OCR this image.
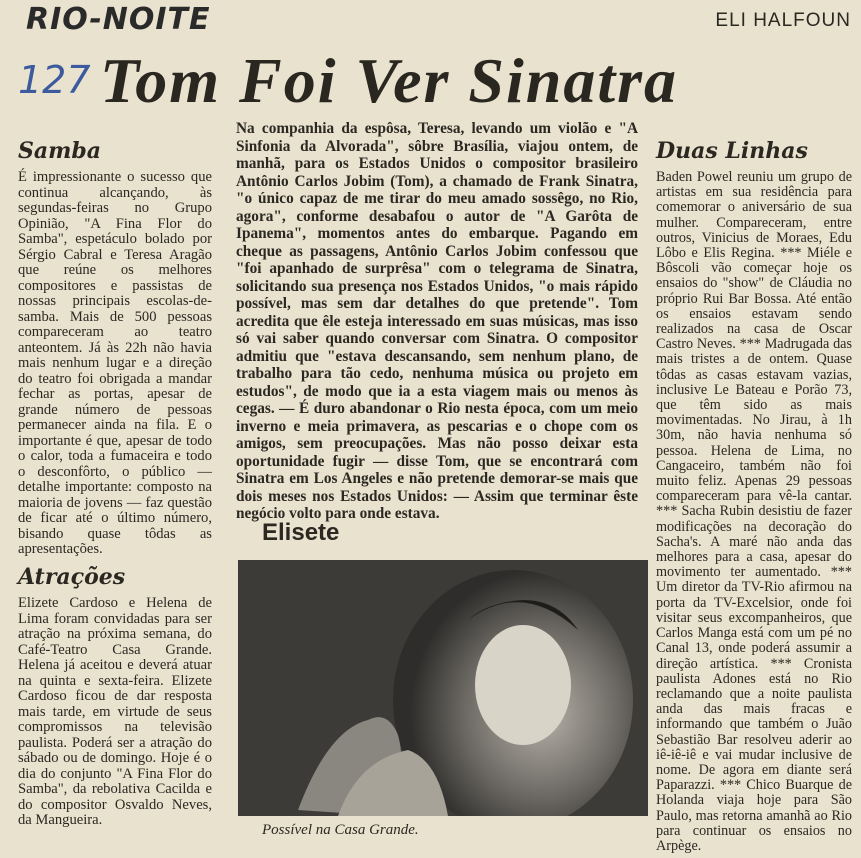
RIO-NOITE	ELI HALFOUN
127 Tom Foi Ver Sinatra
Samba

É impressionante o sucesso que continua alcançando, às segundas-feiras no Grupo Opinião, "A Fina Flor do Samba", espetáculo bolado por Sérgio Cabral e Teresa Aragão que reúne os melhores compositores e passistas de nossas principais escolas-de-samba. Mais de 500 pessoas compareceram ao teatro anteontem. Já às 22h não havia mais nenhum lugar e a direção do teatro foi obrigada a mandar fechar as portas, apesar de grande número de pessoas permanecer ainda na fila. E o importante é que, apesar de todo o calor, toda a fumaceira e todo o desconfôrto, o público — detalhe importante: composto na maioria de jovens — faz questão de ficar até o último número, bisando quase tôdas as apresentações.

Atrações

Elizete Cardoso e Helena de Lima foram convidadas para ser atração na próxima semana, do Café-Teatro Casa Grande. Helena já aceitou e deverá atuar na quinta e sexta-feira. Elizete Cardoso ficou de dar resposta mais tarde, em virtude de seus compromissos na televisão paulista. Poderá ser a atração do sábado ou de domingo. Hoje é o dia do conjunto "A Fina Flor do Samba", da rebolativa Cacilda e do compositor Osvaldo Neves, da Mangueira.

Na companhia da espôsa, Teresa, levando um violão e "A Sinfonia da Alvorada", sôbre Brasília, viajou ontem, de manhã, para os Estados Unidos o compositor brasileiro Antônio Carlos Jobim (Tom), a chamado de Frank Sinatra, "o único capaz de me tirar do meu amado sossêgo, no Rio, agora", conforme desabafou o autor de "A Garôta de Ipanema", momentos antes do embarque. Pagando em cheque as passagens, Antônio Carlos Jobim confessou que "foi apanhado de surprêsa" com o telegrama de Sinatra, solicitando sua presença nos Estados Unidos, "o mais rápido possível, mas sem dar detalhes do que pretende". Tom acredita que êle esteja interessado em suas músicas, mas isso só vai saber quando conversar com Sinatra. O compositor admitiu que "estava descansando, sem nenhum plano, de trabalho para tão cedo, nenhuma música ou projeto em estudos", de modo que ia a esta viagem mais ou menos às cegas. — É duro abandonar o Rio nesta época, com um meio inverno e meia primavera, as pescarias e o chope com os amigos, sem preocupações. Mas não posso deixar esta oportunidade fugir — disse Tom, que se encontrará com Sinatra em Los Angeles e não pretende demorar-se mais que dois meses nos Estados Unidos: — Assim que terminar êste negócio volto para onde estava.

Elisete
Possível na Casa Grande.
Duas Linhas

Baden Powel reuniu um grupo de artistas em sua residência para comemorar o aniversário de sua mulher. Compareceram, entre outros, Vinicius de Moraes, Edu Lôbo e Elis Regina. *** Miéle e Bôscoli vão começar hoje os ensaios do "show" de Cláudia no próprio Rui Bar Bossa. Até então os ensaios estavam sendo realizados na casa de Oscar Castro Neves. *** Madrugada das mais tristes a de ontem. Quase tôdas as casas estavam vazias, inclusive Le Bateau e Porão 73, que têm sido as mais movimentadas. No Jirau, à 1h 30m, não havia nenhuma só pessoa. Helena de Lima, no Cangaceiro, também não foi muito feliz. Apenas 29 pessoas compareceram para vê-la cantar. *** Sacha Rubin desistiu de fazer modificações na decoração do Sacha's. A maré não anda das melhores para a casa, apesar do movimento ter aumentado. *** Um diretor da TV-Rio afirmou na porta da TV-Excelsior, onde foi visitar seus excompanheiros, que Carlos Manga está com um pé no Canal 13, onde poderá assumir a direção artística. *** Cronista paulista Adones está no Rio reclamando que a noite paulista anda das mais fracas e informando que também o Juão Sebastião Bar resolveu aderir ao iê-iê-iê e vai mudar inclusive de nome. De agora em diante será Paparazzi. *** Chico Buarque de Holanda viaja hoje para São Paulo, mas retorna amanhã ao Rio para continuar os ensaios no Arpège.
